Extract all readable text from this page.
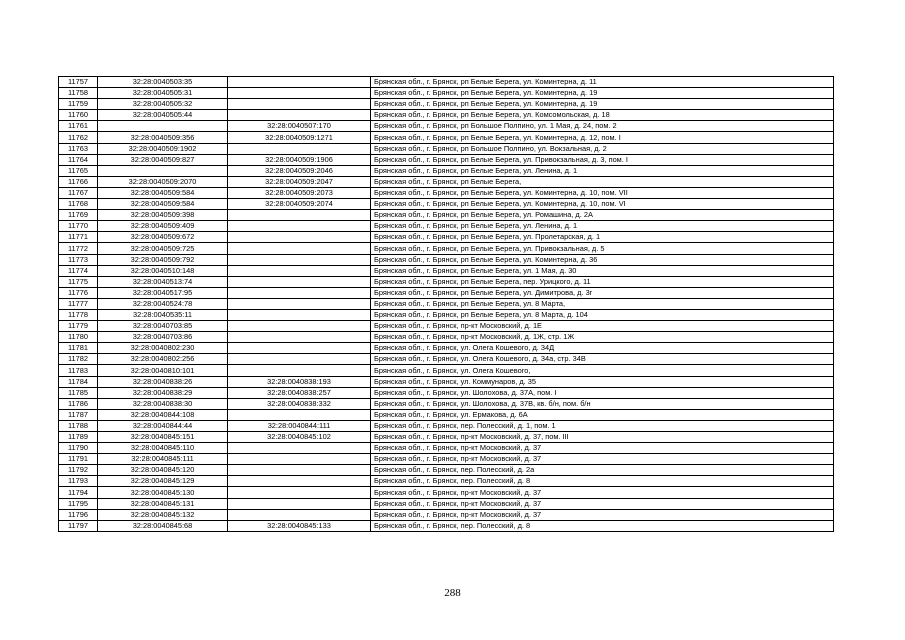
11757	32:28:0040503:35		Брянская обл., г. Брянск, рп Белые Берега, ул. Коминтерна, д. 11
11758	32:28:0040505:31		Брянская обл., г. Брянск, рп Белые Берега, ул. Коминтерна, д. 19
11759	32:28:0040505:32		Брянская обл., г. Брянск, рп Белые Берега, ул. Коминтерна, д. 19
11760	32:28:0040505:44		Брянская обл., г. Брянск, рп Белые Берега, ул. Комсомольская, д. 18
11761		32:28:0040507:170	Брянская обл., г. Брянск, рп Большое Полпино, ул. 1 Мая, д. 24, пом. 2
11762	32:28:0040509:356	32:28:0040509:1271	Брянская обл., г. Брянск, рп Белые Берега, ул. Коминтерна, д. 12, пом. I
11763	32:28:0040509:1902		Брянская обл., г. Брянск, рп Большое Полпино, ул. Вокзальная, д. 2
11764	32:28:0040509:827	32:28:0040509:1906	Брянская обл., г. Брянск, рп Белые Берега, ул. Привокзальная, д. 3, пом. I
11765		32:28:0040509:2046	Брянская обл., г. Брянск, рп Белые Берега, ул. Ленина, д. 1
11766	32:28:0040509:2070	32:28:0040509:2047	Брянская обл., г. Брянск, рп Белые Берега,
11767	32:28:0040509:584	32:28:0040509:2073	Брянская обл., г. Брянск, рп Белые Берега, ул. Коминтерна, д. 10, пом. VII
11768	32:28:0040509:584	32:28:0040509:2074	Брянская обл., г. Брянск, рп Белые Берега, ул. Коминтерна, д. 10, пом. VI
11769	32:28:0040509:398		Брянская обл., г. Брянск, рп Белые Берега, ул. Ромашина, д. 2А
11770	32:28:0040509:409		Брянская обл., г. Брянск, рп Белые Берега, ул. Ленина, д. 1
11771	32:28:0040509:672		Брянская обл., г. Брянск, рп Белые Берега, ул. Пролетарская, д. 1
11772	32:28:0040509:725		Брянская обл., г. Брянск, рп Белые Берега, ул. Привокзальная, д. 5
11773	32:28:0040509:792		Брянская обл., г. Брянск, рп Белые Берега, ул. Коминтерна, д. 36
11774	32:28:0040510:148		Брянская обл., г. Брянск, рп Белые Берега, ул. 1 Мая, д. 30
11775	32:28:0040513:74		Брянская обл., г. Брянск, рп Белые Берега, пер. Урицкого, д. 11
11776	32:28:0040517:95		Брянская обл., г. Брянск, рп Белые Берега, ул. Димитрова, д. 3г
11777	32:28:0040524:78		Брянская обл., г. Брянск, рп Белые Берега, ул. 8 Марта,
11778	32:28:0040535:11		Брянская обл., г. Брянск, рп Белые Берега, ул. 8 Марта, д. 104
11779	32:28:0040703:85		Брянская обл., г. Брянск, пр-кт Московский, д. 1Е
11780	32:28:0040703:86		Брянская обл., г. Брянск, пр-кт Московский, д. 1Ж, стр. 1Ж
11781	32:28:0040802:230		Брянская обл., г. Брянск, ул. Олега Кошевого, д. 34Д
11782	32:28:0040802:256		Брянская обл., г. Брянск, ул. Олега Кошевого, д. 34а, стр. 34В
11783	32:28:0040810:101		Брянская обл., г. Брянск, ул. Олега Кошевого,
11784	32:28:0040838:26	32:28:0040838:193	Брянская обл., г. Брянск, ул. Коммунаров, д. 35
11785	32:28:0040838:29	32:28:0040838:257	Брянская обл., г. Брянск, ул. Шолохова, д. 37А, пом. I
11786	32:28:0040838:30	32:28:0040838:332	Брянская обл., г. Брянск, ул. Шолохова, д. 37В, кв. б/н, пом. б/н
11787	32:28:0040844:108		Брянская обл., г. Брянск, ул. Ермакова, д. 6А
11788	32:28:0040844:44	32:28:0040844:111	Брянская обл., г. Брянск, пер. Полесский, д. 1, пом. 1
11789	32:28:0040845:151	32:28:0040845:102	Брянская обл., г. Брянск, пр-кт Московский, д. 37, пом. III
11790	32:28:0040845:110		Брянская обл., г. Брянск, пр-кт Московский, д. 37
11791	32:28:0040845:111		Брянская обл., г. Брянск, пр-кт Московский, д. 37
11792	32:28:0040845:120		Брянская обл., г. Брянск, пер. Полесский, д. 2а
11793	32:28:0040845:129		Брянская обл., г. Брянск, пер. Полесский, д. 8
11794	32:28:0040845:130		Брянская обл., г. Брянск, пр-кт Московский, д. 37
11795	32:28:0040845:131		Брянская обл., г. Брянск, пр-кт Московский, д. 37
11796	32:28:0040845:132		Брянская обл., г. Брянск, пр-кт Московский, д. 37
11797	32:28:0040845:68	32:28:0040845:133	Брянская обл., г. Брянск, пер. Полесский, д. 8
288
